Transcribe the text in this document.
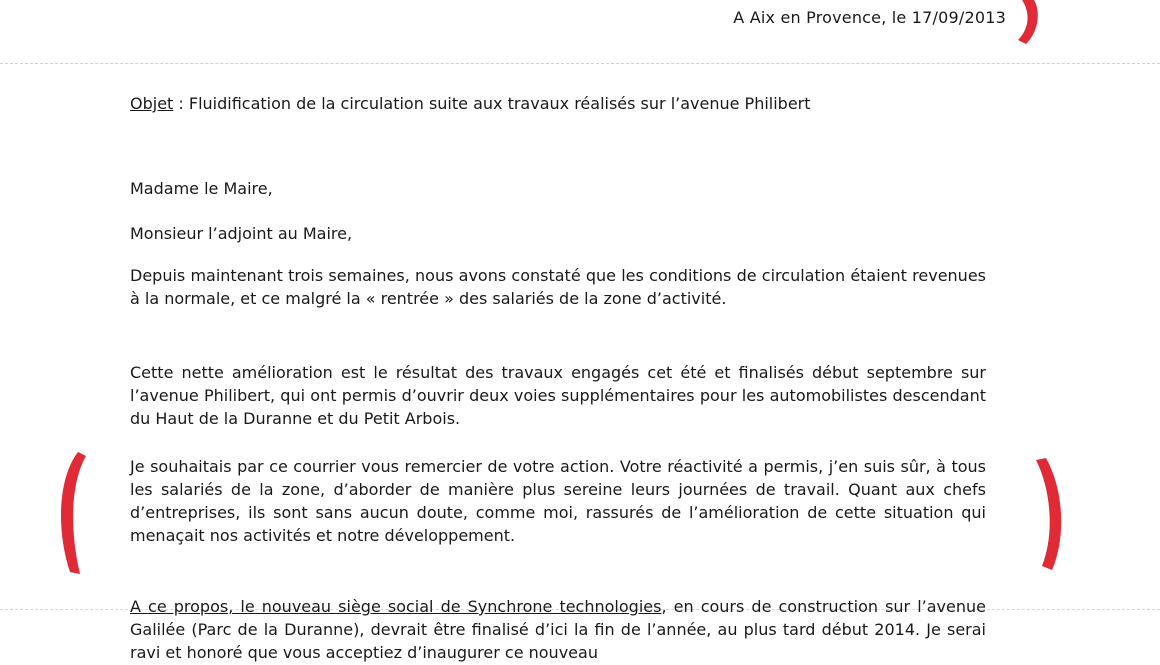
A Aix en Provence, le 17/09/2013
Objet : Fluidification de la circulation suite aux travaux réalisés sur l’avenue Philibert
Madame le Maire,
Monsieur l’adjoint au Maire,
Depuis maintenant trois semaines, nous avons constaté que les conditions de circulation étaient revenues à la normale, et ce malgré la « rentrée » des salariés de la zone d’activité.
Cette nette amélioration est le résultat des travaux engagés cet été et finalisés début septembre sur l’avenue Philibert, qui ont permis d’ouvrir deux voies supplémentaires pour les automobilistes descendant du Haut de la Duranne et du Petit Arbois.
Je souhaitais par ce courrier vous remercier de votre action. Votre réactivité a permis, j’en suis sûr, à tous les salariés de la zone, d’aborder de manière plus sereine leurs journées de travail. Quant aux chefs d’entreprises, ils sont sans aucun doute, comme moi, rassurés de l’amélioration de cette situation qui menaçait nos activités et notre développement.
A ce propos, le nouveau siège social de Synchrone technologies, en cours de construction sur l’avenue Galilée (Parc de la Duranne), devrait être finalisé d’ici la fin de l’année, au plus tard début 2014. Je serai ravi et honoré que vous acceptiez d’inaugurer ce nouveau
